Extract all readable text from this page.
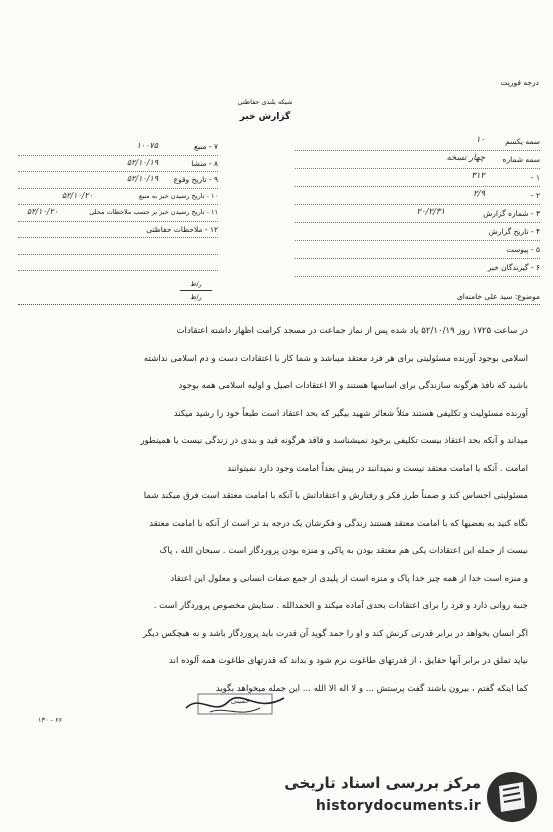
درجه فوریت
شبکه بلندی حفاظتی
گزارش خبر
۷ - منبع
۱۰۰۷۵
۸ - منشا
۵۲/۱۰/۱۹
۹ - تاریخ وقوع
۵۲/۱۰/۱۹
۱۰ - تاریخ رسیدن خبر به منبع
۵۲/۱۰/۲۰
۱۱ - تاریخ رسیدن خبر بر حسب ملاحظات محلی
۵۲/۱۰/۲۰
۱۲ - ملاحظات حفاظتی
سمه یکسم
۱۰
سمه شماره
چهار نسخه
۱ -
۳۱۲
۲ -
۲/۹
۳ - شماره گزارش
۲۰/۲/۳۱
۴ - تاریخ گزارش
۵ - پیوست
۶ - گیرندگان خبر
ر/ظ
ر/ظ	موضوع: سید علی خامنه‌ای
در ساعت ۱۷۲۵ روز ۵۲/۱۰/۱۹ یاد شده پس از نماز جماعت در مسجد کرامت اظهار داشته اعتقادات
اسلامی بوجود آورنده مسئولیتی برای هر فرد معتقد میباشد و شما کار با اعتقادات دست و دم اسلامی نداشته
باشید که نافذ هرگونه سازندگی برای اساسها هستند و الا اعتقادات اصیل و اولیه اسلامی همه بوجود
آورنده مسئولیت و تکلیفی هستند مثلاً شعائر شهید بیگیر که بحد اعتقاد است طبعاً خود را رشید میکند
میداند و آنکه بحد اعتقاد بیست تکلیفی برخود نمیشناسد و فاقد هرگونه قید و بندی در زندگی نیست یا همینطور
امامت . آنکه با امامت معتقد نیست و نمیدانند در پیش بعداً امامت وجود دارد نمیتوانند
مسئولیتی احساس کند و ضمناً طرز فکر و رفتارش و اعتقاداتش با آنکه با امامت معتقد است فرق میکند شما
نگاه کنید به بعضیها که با امامت معتقد هستند زندگی و فکرشان یک درجه بد تر است از آنکه با امامت معتقد
نیست از جمله این اعتقادات یکی هم معتقد بودن به پاکی و منزه بودن پروردگار است . سبحان الله ، پاک
و منزه است خدا از همه چیز خدا پاک و منزه است از پلیدی از جمع صفات انسانی و معلول این اعتقاد
جنبه روانی دارد و فرد را برای اعتقادات بحدی آماده میکند و الحمدالله . ستایش مخصوص پروردگار است .
اگر انسان بخواهد در برابر قدرتی کرنش کند و او را حمد گوید آن قدرت باید پروردگار باشد و نه هیچکس دیگر
نیاید تملق در برابر آنها حقایق ، از قدرتهای طاغوت نرم شود و بداند که قدرتهای طاغوت همه آلوده اند
کما اینکه گفتم ، بیرون باشند گفت پرستش ... و لا اله الا الله ... این جمله میخواهد بگوید
خمینی
۱۳۰ - ۶۶
مرکز بررسی اسناد تاریخی
historydocuments.ir
